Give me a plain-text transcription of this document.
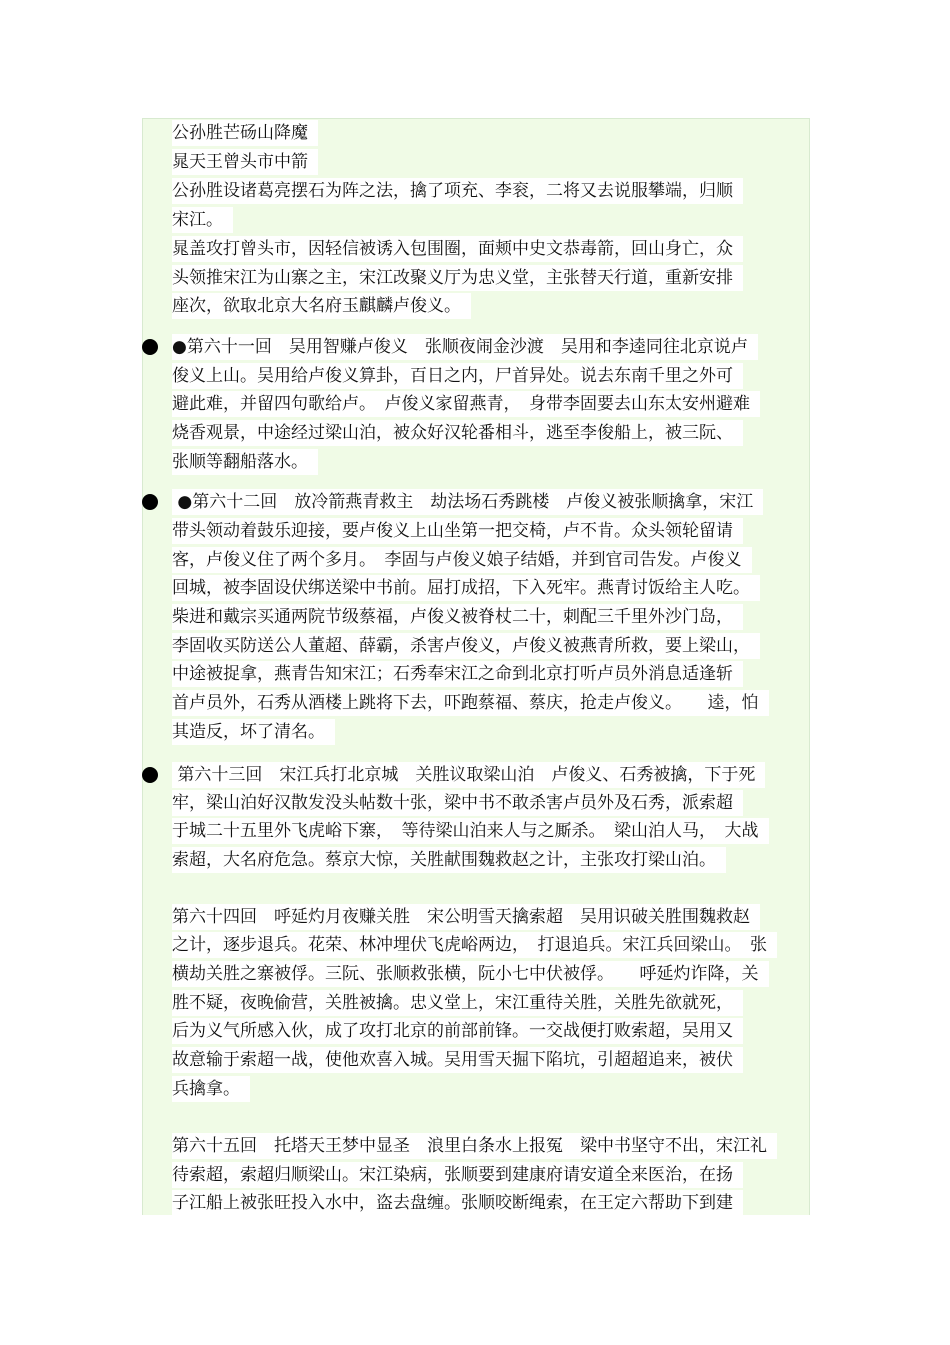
公孙胜芒砀山降魔
晁天王曾头市中箭
公孙胜设诸葛亮摆石为阵之法，擒了项充、李衮，二将又去说服攀端，归顺
宋江。
晁盖攻打曾头市，因轻信被诱入包围圈，面颊中史文恭毒箭，回山身亡，众
头领推宋江为山寨之主，宋江改聚义厅为忠义堂，主张替天行道，重新安排
座次，欲取北京大名府玉麒麟卢俊义。
●第六十一回　吴用智赚卢俊义　张顺夜闹金沙渡　吴用和李逵同往北京说卢
俊义上山。吴用给卢俊义算卦，百日之内，尸首异处。说去东南千里之外可
避此难，并留四句歌给卢。　卢俊义家留燕青，　身带李固要去山东太安州避难
烧香观景，中途经过梁山泊，被众好汉轮番相斗，逃至李俊船上，被三阮、
张顺等翻船落水。
●第六十二回　放冷箭燕青救主　劫法场石秀跳楼　卢俊义被张顺擒拿，宋江
带头领动着鼓乐迎接，要卢俊义上山坐第一把交椅，卢不肯。众头领轮留请
客，卢俊义住了两个多月。　李固与卢俊义娘子结婚，并到官司告发。卢俊义
回城，被李固设伏绑送梁中书前。屈打成招，下入死牢。燕青讨饭给主人吃。
柴进和戴宗买通两院节级蔡福，卢俊义被脊杖二十，刺配三千里外沙门岛，
李固收买防送公人董超、薛霸，杀害卢俊义，卢俊义被燕青所救，要上梁山，
中途被捉拿，燕青告知宋江；石秀奉宋江之命到北京打听卢员外消息适逢斩
首卢员外，石秀从酒楼上跳将下去，吓跑蔡福、蔡庆，抢走卢俊义。　　逵，怕
其造反，坏了清名。
第六十三回　宋江兵打北京城　关胜议取梁山泊　卢俊义、石秀被擒，下于死
牢，梁山泊好汉散发没头帖数十张，梁中书不敢杀害卢员外及石秀，派索超
于城二十五里外飞虎峪下寨，　等待梁山泊来人与之厮杀。　梁山泊人马，　大战
索超，大名府危急。蔡京大惊，关胜献围魏救赵之计，主张攻打梁山泊。
第六十四回　呼延灼月夜赚关胜　宋公明雪天擒索超　吴用识破关胜围魏救赵
之计，逐步退兵。花荣、林冲埋伏飞虎峪两边，　打退追兵。宋江兵回梁山。　张
横劫关胜之寨被俘。三阮、张顺救张横，阮小七中伏被俘。　　呼延灼诈降，关
胜不疑，夜晚偷营，关胜被擒。忠义堂上，宋江重待关胜，关胜先欲就死，
后为义气所感入伙，成了攻打北京的前部前锋。一交战便打败索超，吴用又
故意输于索超一战，使他欢喜入城。吴用雪天掘下陷坑，引超超追来，被伏
兵擒拿。
第六十五回　托塔天王梦中显圣　浪里白条水上报冤　梁中书坚守不出，宋江礼
待索超，索超归顺梁山。宋江染病，张顺要到建康府请安道全来医治，在扬
子江船上被张旺投入水中，盗去盘缠。张顺咬断绳索，在王定六帮助下到建
